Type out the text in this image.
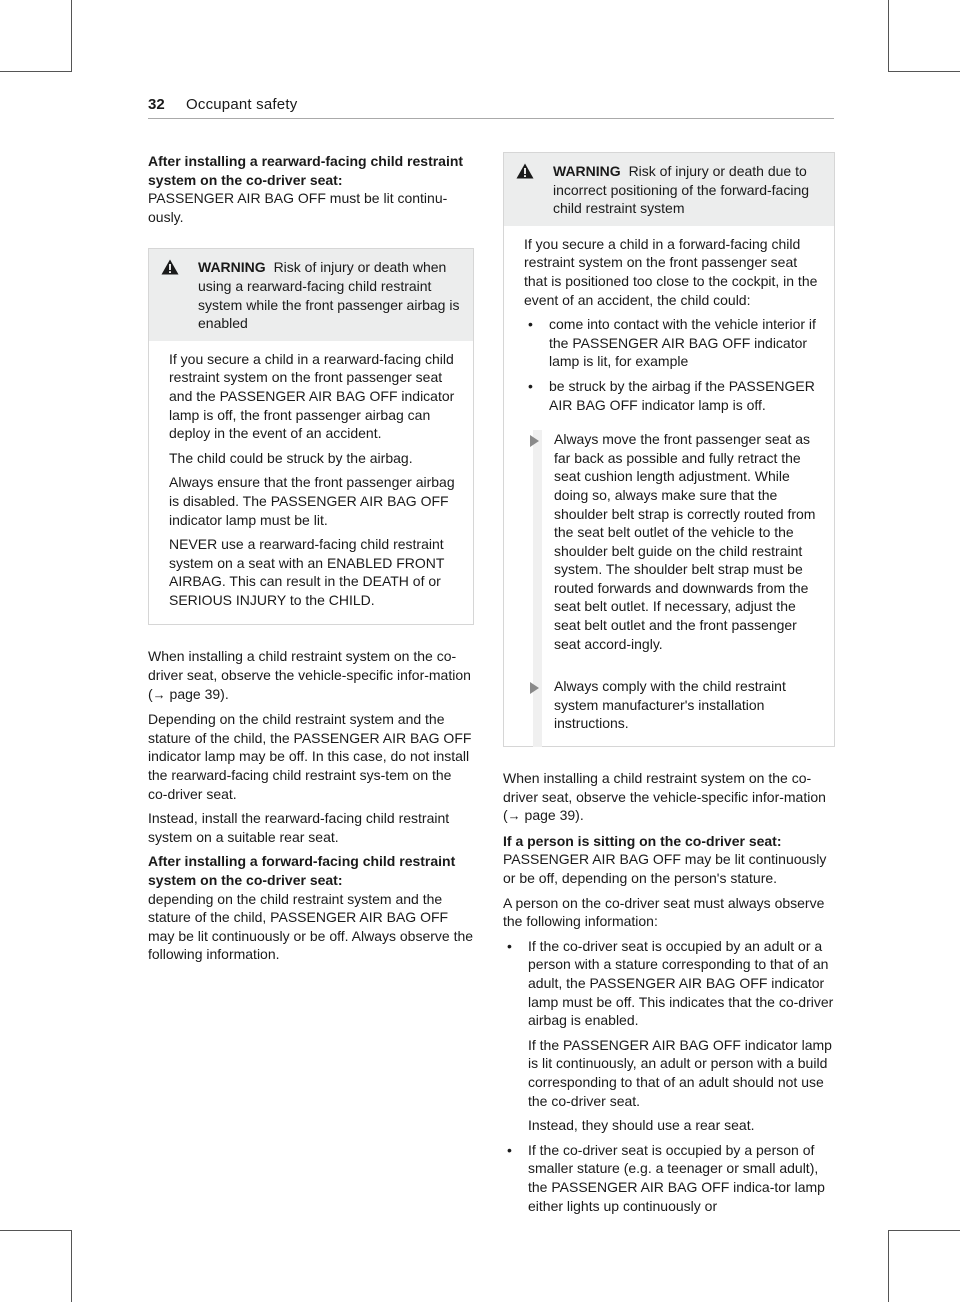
32 Occupant safety

After installing a rearward-facing child restraint system on the co-driver seat:
PASSENGER AIR BAG OFF must be lit continu-ously.

WARNING Risk of injury or death when using a rearward-facing child restraint system while the front passenger airbag is enabled

If you secure a child in a rearward-facing child restraint system on the front passenger seat and the PASSENGER AIR BAG OFF indicator lamp is off, the front passenger airbag can deploy in the event of an accident.

The child could be struck by the airbag.

Always ensure that the front passenger airbag is disabled. The PASSENGER AIR BAG OFF indicator lamp must be lit.

NEVER use a rearward-facing child restraint system on a seat with an ENABLED FRONT AIRBAG. This can result in the DEATH of or SERIOUS INJURY to the CHILD.

When installing a child restraint system on the co-driver seat, observe the vehicle-specific infor-mation (→ page 39).

Depending on the child restraint system and the stature of the child, the PASSENGER AIR BAG OFF indicator lamp may be off. In this case, do not install the rearward-facing child restraint sys-tem on the co-driver seat.

Instead, install the rearward-facing child restraint system on a suitable rear seat.

After installing a forward-facing child restraint system on the co-driver seat:
depending on the child restraint system and the stature of the child, PASSENGER AIR BAG OFF may be lit continuously or be off. Always observe the following information.

WARNING Risk of injury or death due to incorrect positioning of the forward-facing child restraint system

If you secure a child in a forward-facing child restraint system on the front passenger seat that is positioned too close to the cockpit, in the event of an accident, the child could:

• come into contact with the vehicle interior if the PASSENGER AIR BAG OFF indicator lamp is lit, for example
• be struck by the airbag if the PASSENGER AIR BAG OFF indicator lamp is off.
Always move the front passenger seat as far back as possible and fully retract the seat cushion length adjustment. While doing so, always make sure that the shoulder belt strap is correctly routed from the seat belt outlet of the vehicle to the shoulder belt guide on the child restraint system. The shoulder belt strap must be routed forwards and downwards from the seat belt outlet. If necessary, adjust the seat belt outlet and the front passenger seat accord-ingly.
Always comply with the child restraint system manufacturer's installation instructions.

When installing a child restraint system on the co-driver seat, observe the vehicle-specific infor-mation (→ page 39).

If a person is sitting on the co-driver seat:
PASSENGER AIR BAG OFF may be lit continuously or be off, depending on the person's stature.

A person on the co-driver seat must always observe the following information:

• If the co-driver seat is occupied by an adult or a person with a stature corresponding to that of an adult, the PASSENGER AIR BAG OFF indicator lamp must be off. This indicates that the co-driver airbag is enabled.

If the PASSENGER AIR BAG OFF indicator lamp is lit continuously, an adult or person with a build corresponding to that of an adult should not use the co-driver seat.

Instead, they should use a rear seat.

• If the co-driver seat is occupied by a person of smaller stature (e.g. a teenager or small adult), the PASSENGER AIR BAG OFF indica-tor lamp either lights up continuously or
